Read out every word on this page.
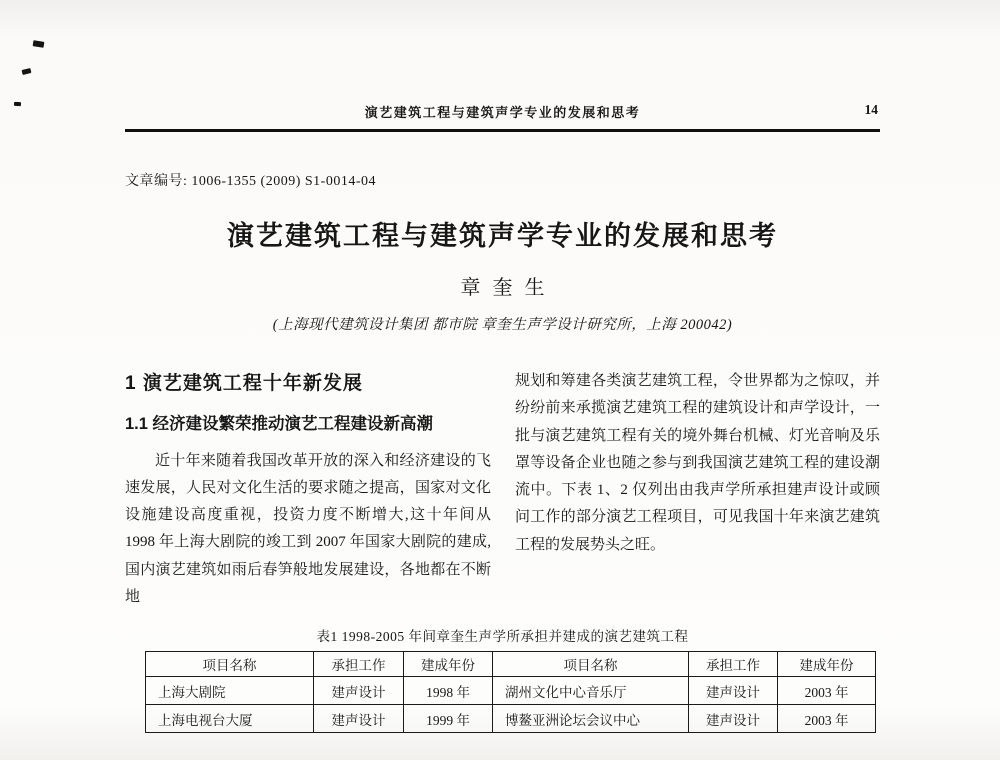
演艺建筑工程与建筑声学专业的发展和思考	14
文章编号: 1006-1355 (2009) S1-0014-04
演艺建筑工程与建筑声学专业的发展和思考
章奎生
(上海现代建筑设计集团 都市院 章奎生声学设计研究所，上海 200042)
1 演艺建筑工程十年新发展
1.1 经济建设繁荣推动演艺工程建设新高潮

近十年来随着我国改革开放的深入和经济建设的飞速发展，人民对文化生活的要求随之提高，国家对文化设施建设高度重视，投资力度不断增大,这十年间从 1998 年上海大剧院的竣工到 2007 年国家大剧院的建成,国内演艺建筑如雨后春笋般地发展建设，各地都在不断地

规划和筹建各类演艺建筑工程，令世界都为之惊叹，并纷纷前来承揽演艺建筑工程的建筑设计和声学设计，一批与演艺建筑工程有关的境外舞台机械、灯光音响及乐罩等设备企业也随之参与到我国演艺建筑工程的建设潮流中。下表 1、2 仅列出由我声学所承担建声设计或顾问工作的部分演艺工程项目，可见我国十年来演艺建筑工程的发展势头之旺。

表1 1998-2005 年间章奎生声学所承担并建成的演艺建筑工程
项目名称	承担工作	建成年份	项目名称	承担工作	建成年份
上海大剧院	建声设计	1998 年	湖州文化中心音乐厅	建声设计	2003 年
上海电视台大厦	建声设计	1999 年	博鳌亚洲论坛会议中心	建声设计	2003 年
